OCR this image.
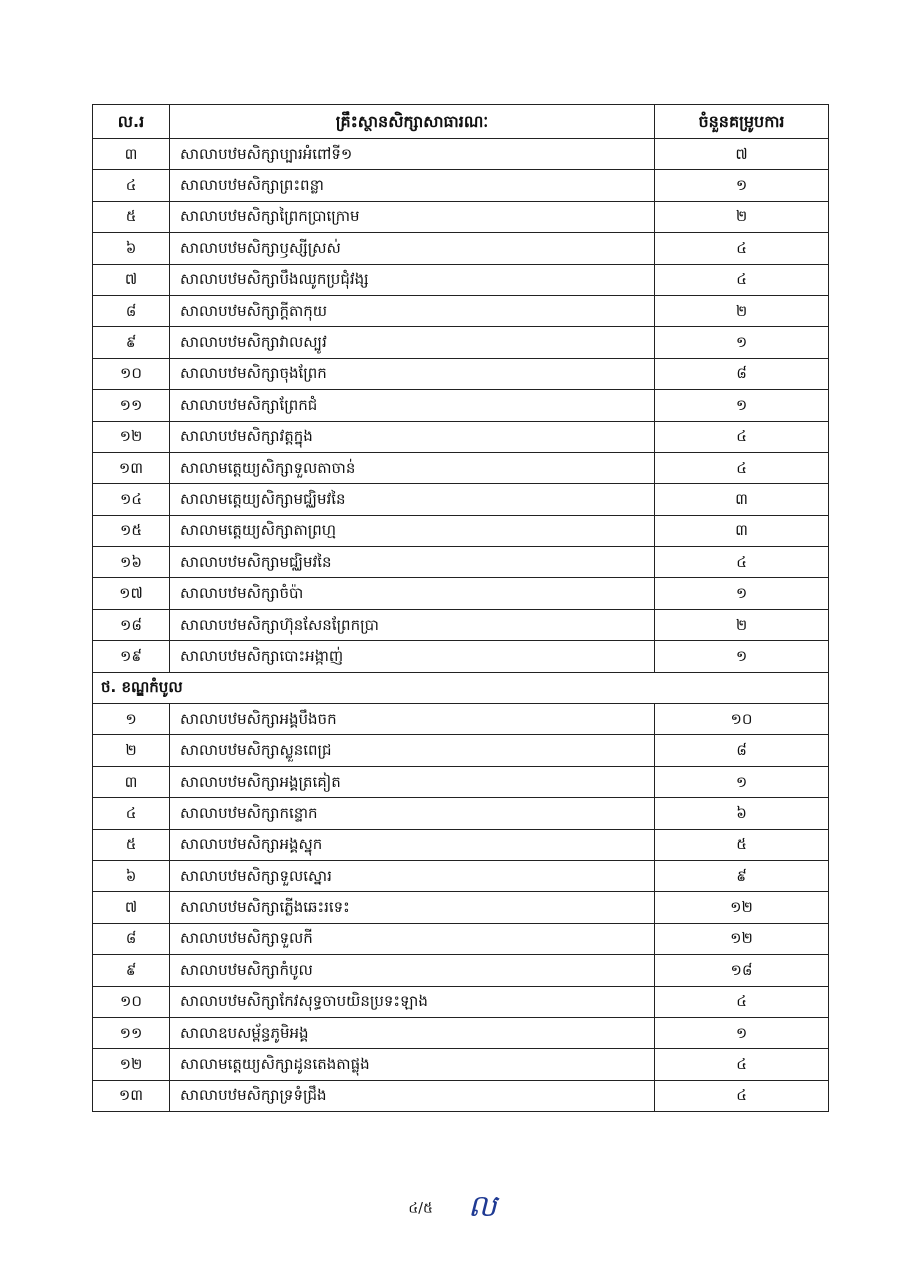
ល.រ	គ្រឹះស្ថានសិក្សាសាធារណៈ	ចំនួនគម្រូបការ
៣	សាលាបឋមសិក្សាប្បារអំពៅទី១	៧
៤	សាលាបឋមសិក្សាព្រះពន្លា	១
៥	សាលាបឋមសិក្សាព្រៃកប្រាក្រោម	២
៦	សាលាបឋមសិក្សាឫស្សីស្រស់	៤
៧	សាលាបឋមសិក្សាបឹងឈូកប្រជុំវង្ស	៤
៨	សាលាបឋមសិក្សាក្ដីតាកុយ	២
៩	សាលាបឋមសិក្សាវាលស្បូវ	១
១០	សាលាបឋមសិក្សាចុងព្រែក	៨
១១	សាលាបឋមសិក្សាព្រែកជំ	១
១២	សាលាបឋមសិក្សាវត្តក្នុង	៤
១៣	សាលាមត្តេយ្យសិក្សាទួលតាចាន់	៤
១៤	សាលាមត្តេយ្យសិក្សាមជ្ឈិមវនៃ	៣
១៥	សាលាមត្តេយ្យសិក្សាតាព្រហ្ម	៣
១៦	សាលាបឋមសិក្សាមជ្ឈិមវនៃ	៤
១៧	សាលាបឋមសិក្សាចំប៉ា	១
១៨	សាលាបឋមសិក្សាហ៊ុនសែនព្រែកប្រា	២
១៩	សាលាបឋមសិក្សាបោះអង្កាញ់	១
ថ. ខណ្ឌកំបូល		
១	សាលាបឋមសិក្សាអង្គបឹងចក	១០
២	សាលាបឋមសិក្សាស្លួនពេជ្រ	៨
៣	សាលាបឋមសិក្សាអង្គត្រគៀត	១
៤	សាលាបឋមសិក្សាកន្ទោក	៦
៥	សាលាបឋមសិក្សាអង្គស្នុក	៥
៦	សាលាបឋមសិក្សាទួលស្នោរ	៩
៧	សាលាបឋមសិក្សាភ្លើងឆេះរទេះ	១២
៨	សាលាបឋមសិក្សាទួលកី	១២
៩	សាលាបឋមសិក្សាកំបូល	១៨
១០	សាលាបឋមសិក្សាកែវសុទ្ធចាបយិនប្រទះឡាង	៤
១១	សាលាឧបសម្ព័ន្ធភូមិអង្គ	១
១២	សាលាមត្តេយ្យសិក្សាដូនតេងតាផ្លុង	៤
១៣	សាលាបឋមសិក្សាទ្រទំជ្រឹង	៤
៤/៥ ល
